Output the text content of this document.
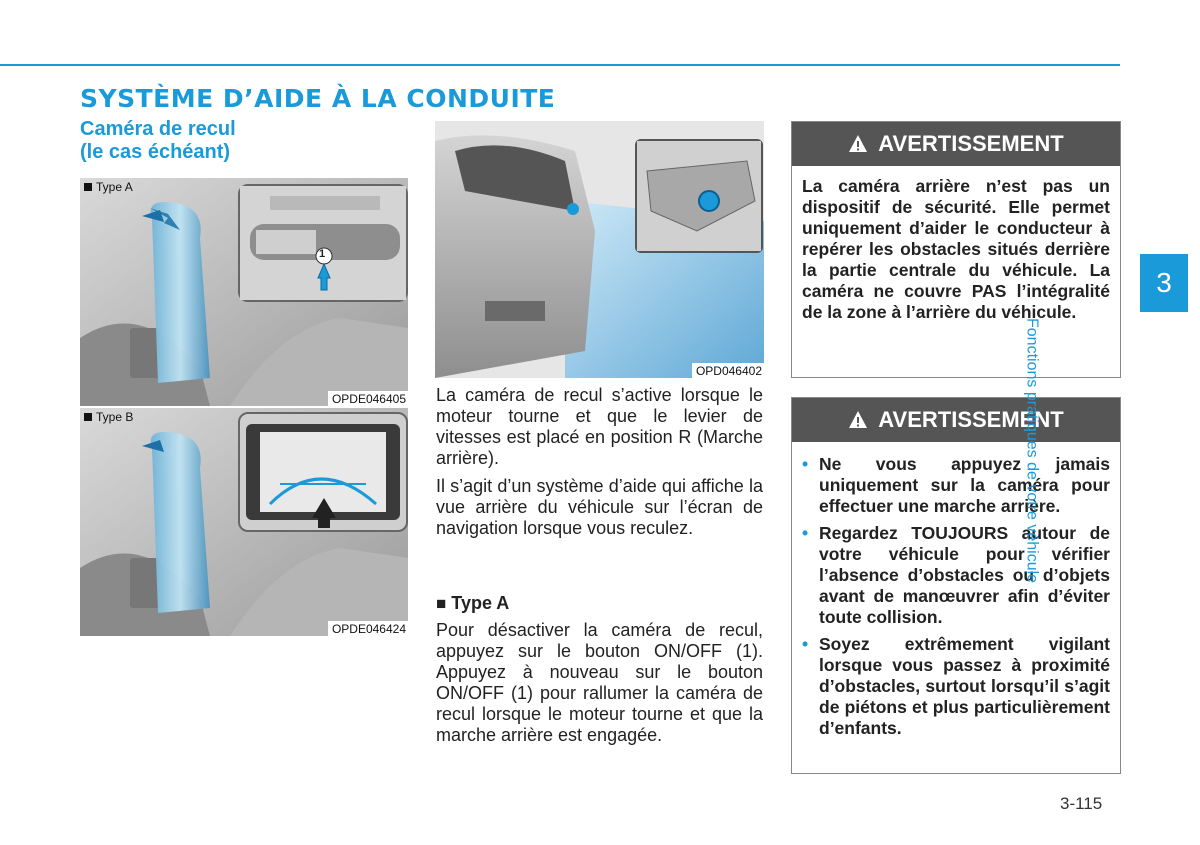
SYSTÈME D’AIDE À LA CONDUITE
Caméra de recul
(le cas échéant)
1
Type A
OPDE046405
Type B
OPDE046424
OPD046402
La caméra de recul s’active lorsque le moteur tourne et que le levier de vitesses est placé en position R (Marche arrière).
Il s’agit d’un système d’aide qui affiche la vue arrière du véhicule sur l’écran de navigation lorsque vous reculez.
■ Type A
Pour désactiver la caméra de recul, appuyez sur le bouton ON/OFF (1). Appuyez à nouveau sur le bouton ON/OFF (1) pour rallumer la caméra de recul lorsque le moteur tourne et que la marche arrière est engagée.
AVERTISSEMENT
La caméra arrière n’est pas un dispositif de sécurité. Elle permet uniquement d’aider le conducteur à repérer les obstacles situés derrière la partie centrale du véhicule. La caméra ne couvre PAS l’intégralité de la zone à l’arrière du véhicule.
AVERTISSEMENT
• Ne vous appuyez jamais uniquement sur la caméra pour effectuer une marche arrière.
• Regardez TOUJOURS autour de votre véhicule pour vérifier l’absence d’obstacles ou d’objets avant de manœuvrer afin d’éviter toute collision.
• Soyez extrêmement vigilant lorsque vous passez à proximité d’obstacles, surtout lorsqu’il s’agit de piétons et plus particulièrement d’enfants.
3
Fonctions pratiques de votre véhicule
3-115
